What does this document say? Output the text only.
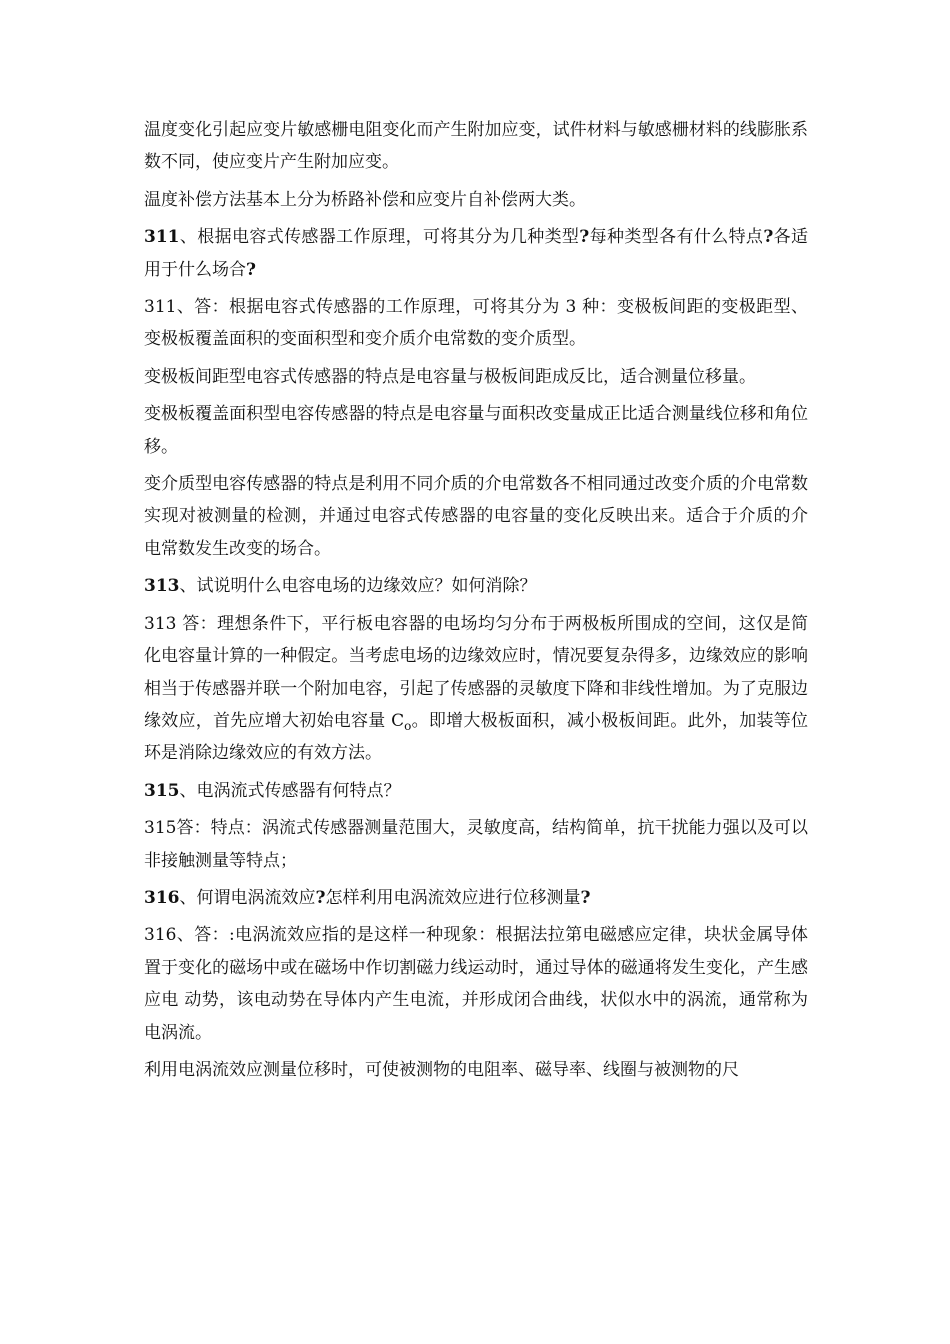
温度变化引起应变片敏感栅电阻变化而产生附加应变，试件材料与敏感栅材料的线膨胀系数不同，使应变片产生附加应变。

温度补偿方法基本上分为桥路补偿和应变片自补偿两大类。

311、根据电容式传感器工作原理，可将其分为几种类型?每种类型各有什么特点?各适用于什么场合?

311、答：根据电容式传感器的工作原理，可将其分为 3 种：变极板间距的变极距型、变极板覆盖面积的变面积型和变介质介电常数的变介质型。

变极板间距型电容式传感器的特点是电容量与极板间距成反比，适合测量位移量。

变极板覆盖面积型电容传感器的特点是电容量与面积改变量成正比适合测量线位移和角位移。

变介质型电容传感器的特点是利用不同介质的介电常数各不相同通过改变介质的介电常数实现对被测量的检测，并通过电容式传感器的电容量的变化反映出来。适合于介质的介 电常数发生改变的场合。

313、试说明什么电容电场的边缘效应？如何消除？

313 答：理想条件下，平行板电容器的电场均匀分布于两极板所围成的空间，这仅是简化电容量计算的一种假定。当考虑电场的边缘效应时，情况要复杂得多，边缘效应的影响相当于传感器并联一个附加电容，引起了传感器的灵敏度下降和非线性增加。为了克服边缘效应，首先应增大初始电容量 $C_o$。即增大极板面积，减小极板间距。此外，加装等位环是消除边缘效应的有效方法。

315、电涡流式传感器有何特点？

315答：特点：涡流式传感器测量范围大，灵敏度高，结构简单，抗干扰能力强以及可以非接触测量等特点；

316、何谓电涡流效应?怎样利用电涡流效应进行位移测量?

316、答：:电涡流效应指的是这样一种现象：根据法拉第电磁感应定律，块状金属导体置于变化的磁场中或在磁场中作切割磁力线运动时，通过导体的磁通将发生变化，产生感应电 动势，该电动势在导体内产生电流，并形成闭合曲线，状似水中的涡流，通常称为电涡流。

利用电涡流效应测量位移时，可使被测物的电阻率、磁导率、线圈与被测物的尺
